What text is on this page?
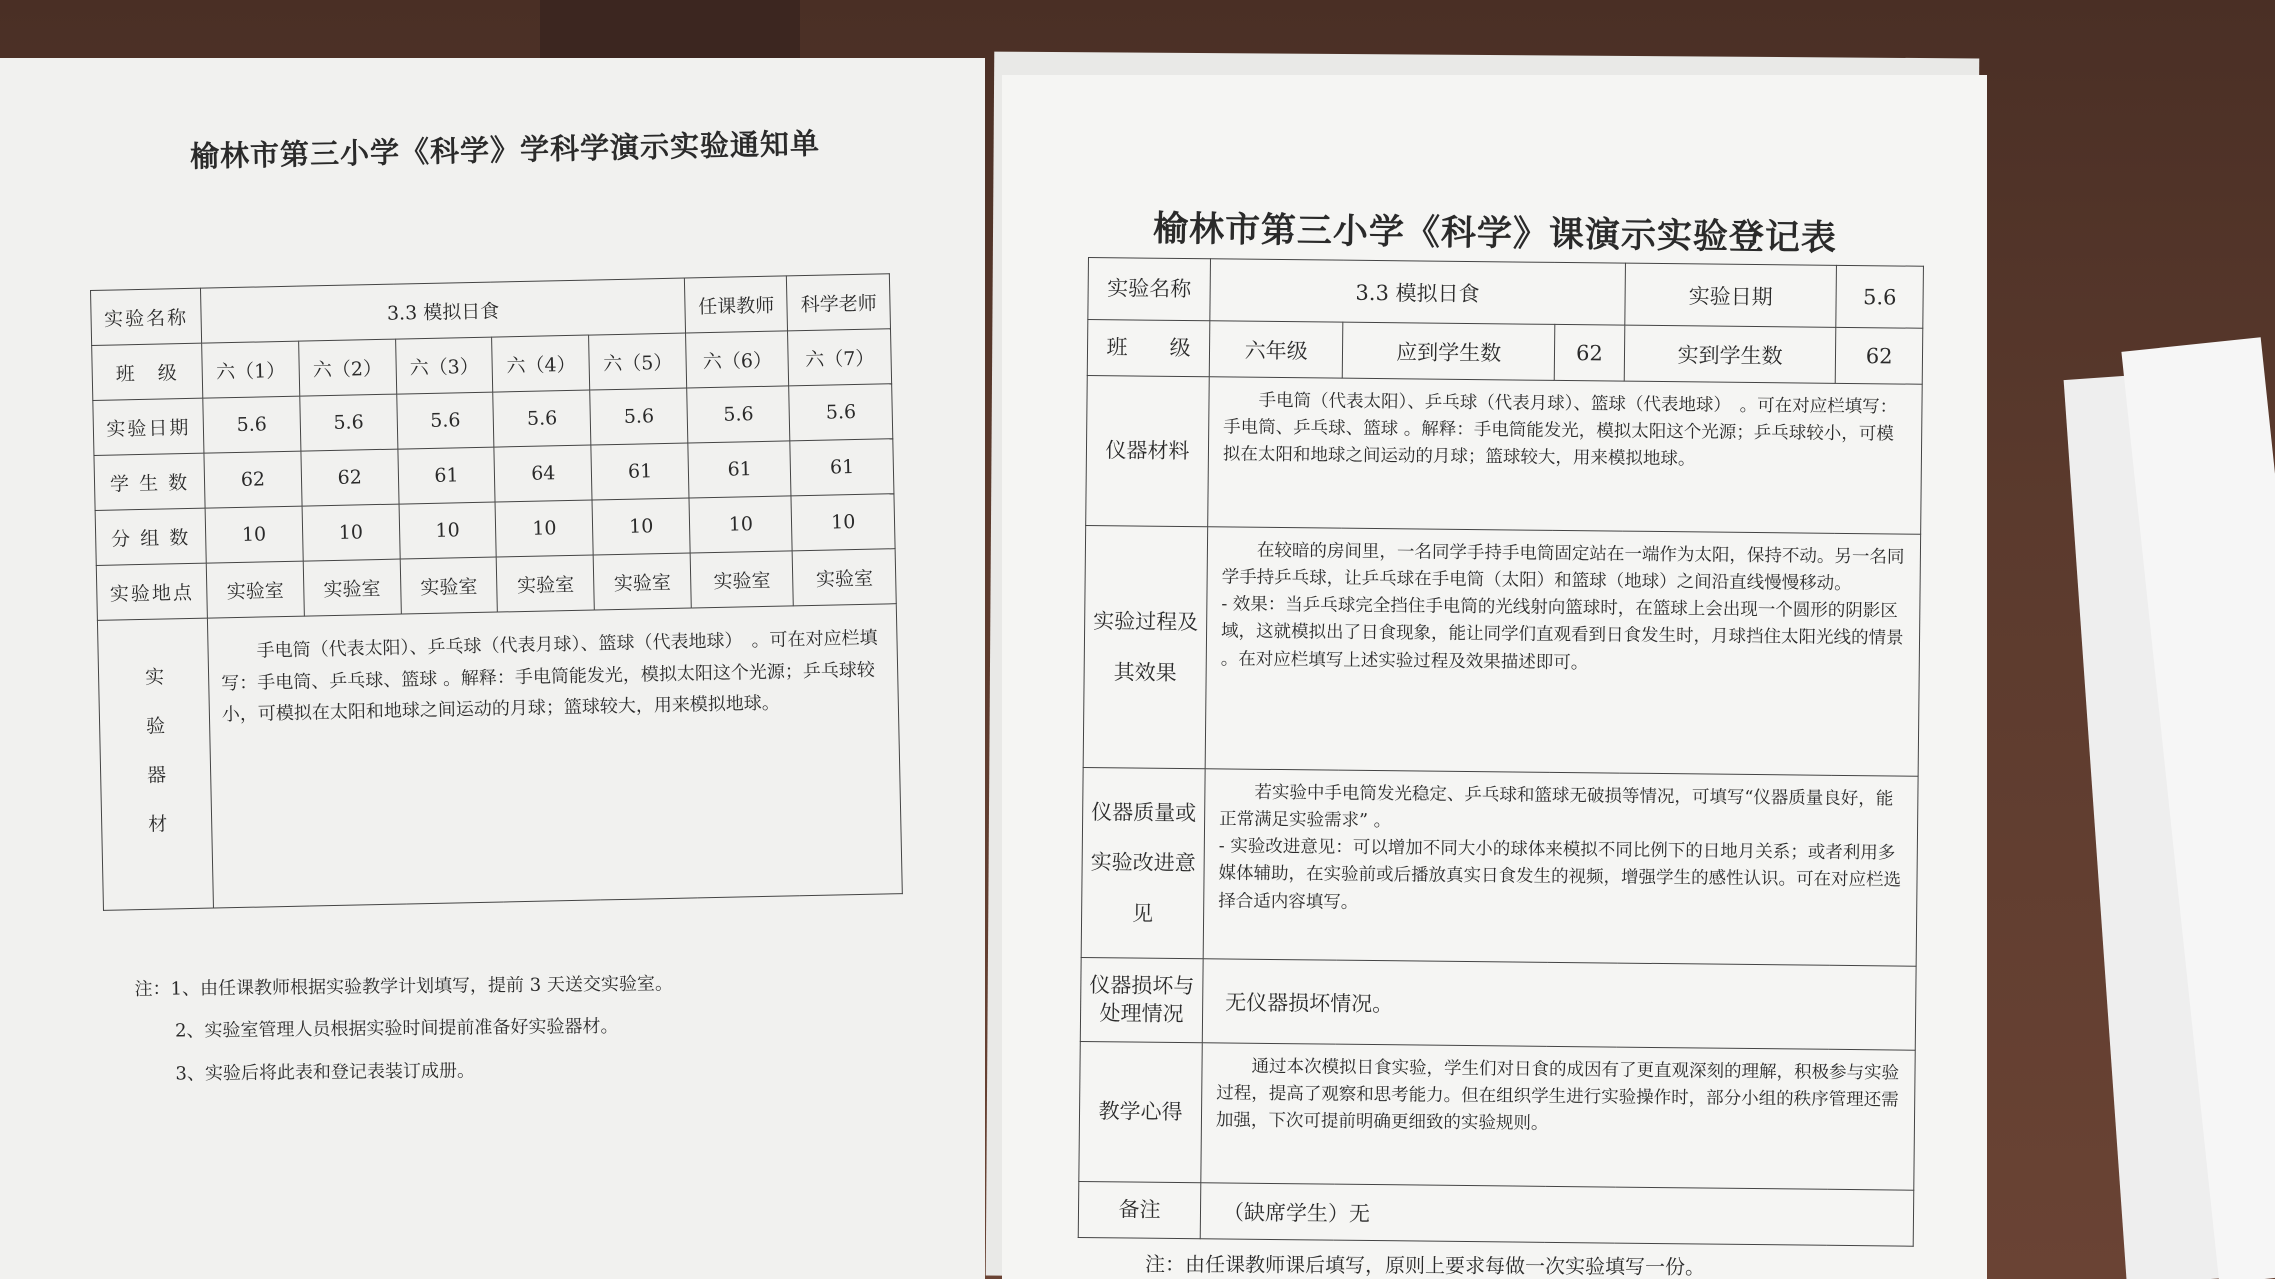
榆林市第三小学《科学》学科学演示实验通知单
实验名称	3.3 模拟日食					任课教师	科学老师
班　级	六（1）	六（2）	六（3）	六（4）	六（5）	六（6）	六（7）
实验日期	5.6	5.6	5.6	5.6	5.6	5.6	5.6
学 生 数	62	62	61	64	61	61	61
分 组 数	10	10	10	10	10	10	10
实验地点	实验室	实验室	实验室	实验室	实验室	实验室	实验室
实验器材	手电筒（代表太阳）、乒乓球（代表月球）、篮球（代表地球）　。可在对应栏填写：手电筒、乒乓球、篮球 。解释：手电筒能发光，模拟太阳这个光源；乒乓球较小，可模拟在太阳和地球之间运动的月球；篮球较大，用来模拟地球。						
注：1、由任课教师根据实验教学计划填写，提前 3 天送交实验室。
2、实验室管理人员根据实验时间提前准备好实验器材。
3、实验后将此表和登记表装订成册。
榆林市第三小学《科学》课演示实验登记表
实验名称	3.3 模拟日食			实验日期	5.6
班　　级	六年级	应到学生数	62	实到学生数	62
仪器材料	手电筒（代表太阳）、乒乓球（代表月球）、篮球（代表地球）　。可在对应栏填写：手电筒、乒乓球、篮球 。解释：手电筒能发光，模拟太阳这个光源；乒乓球较小，可模拟在太阳和地球之间运动的月球；篮球较大，用来模拟地球。				
实验过程及其效果	在较暗的房间里，一名同学手持手电筒固定站在一端作为太阳，保持不动。另一名同学手持乒乓球，让乒乓球在手电筒（太阳）和篮球（地球）之间沿直线慢慢移动。

- 效果：当乒乓球完全挡住手电筒的光线射向篮球时，在篮球上会出现一个圆形的阴影区域，这就模拟出了日食现象，能让同学们直观看到日食发生时，月球挡住太阳光线的情景 。在对应栏填写上述实验过程及效果描述即可。				

仪器质量或实验改进意见	若实验中手电筒发光稳定、乒乓球和篮球无破损等情况，可填写“仪器质量良好，能正常满足实验需求” 。

- 实验改进意见：可以增加不同大小的球体来模拟不同比例下的日地月关系；或者利用多媒体辅助，在实验前或后播放真实日食发生的视频，增强学生的感性认识。可在对应栏选择合适内容填写。				

仪器损坏与处理情况	无仪器损坏情况。				
教学心得	通过本次模拟日食实验，学生们对日食的成因有了更直观深刻的理解，积极参与实验过程，提高了观察和思考能力。但在组织学生进行实验操作时，部分小组的秩序管理还需加强，下次可提前明确更细致的实验规则。				
备注	（缺席学生）无				
注：由任课教师课后填写，原则上要求每做一次实验填写一份。
